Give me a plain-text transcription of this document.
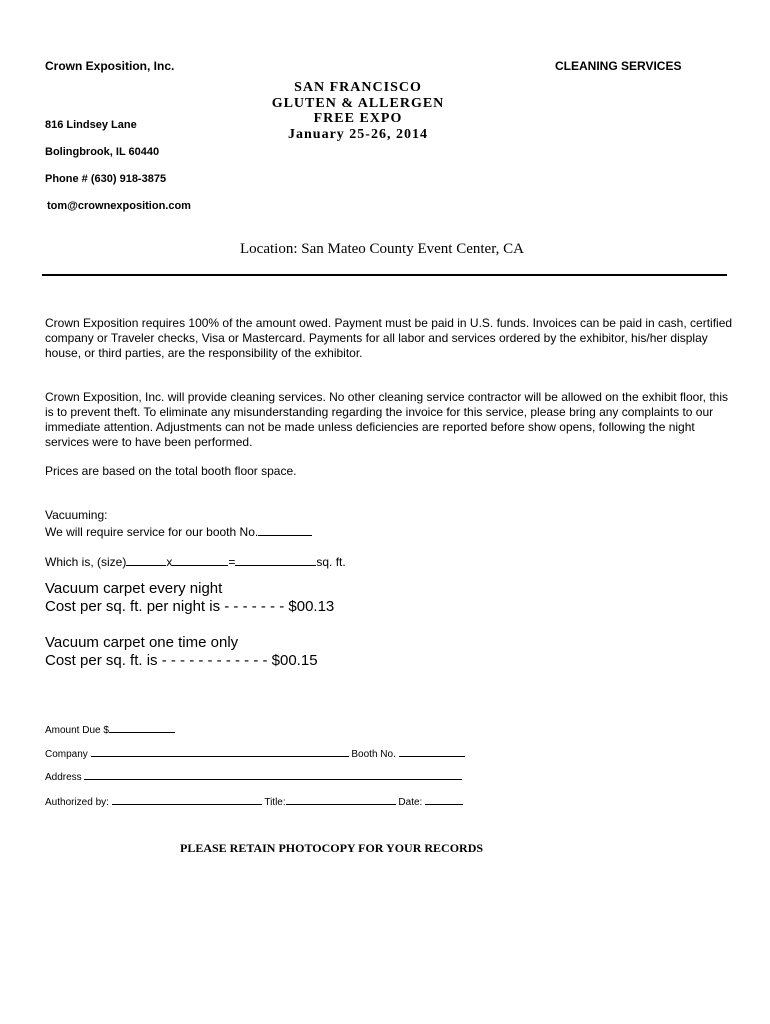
Crown Exposition, Inc.	CLEANING SERVICES
816 Lindsey Lane
Bolingbrook, IL 60440
Phone # (630) 918-3875
tom@crownexposition.com
SAN FRANCISCO
GLUTEN & ALLERGEN
FREE EXPO
January 25-26, 2014
Location: San Mateo County Event Center, CA
Crown Exposition requires 100% of the amount owed. Payment must be paid in U.S. funds. Invoices can be paid in cash, certified company or Traveler checks, Visa or Mastercard. Payments for all labor and services ordered by the exhibitor, his/her display house, or third parties, are the responsibility of the exhibitor.
Crown Exposition, Inc. will provide cleaning services. No other cleaning service contractor will be allowed on the exhibit floor, this is to prevent theft. To eliminate any misunderstanding regarding the invoice for this service, please bring any complaints to our immediate attention. Adjustments can not be made unless deficiencies are reported before show opens, following the night services were to have been performed.
Prices are based on the total booth floor space.
Vacuuming:
We will require service for our booth No.
Which is, (size)	x	=	sq. ft.
Vacuum carpet every night
Cost per sq. ft. per night is - - - - - - - $00.13
Vacuum carpet one time only
Cost per sq. ft. is - - - - - - - - - - - - $00.15
Amount Due $
Company	Booth No.
Address
Authorized by:	Title:	Date:
PLEASE RETAIN PHOTOCOPY FOR YOUR RECORDS
